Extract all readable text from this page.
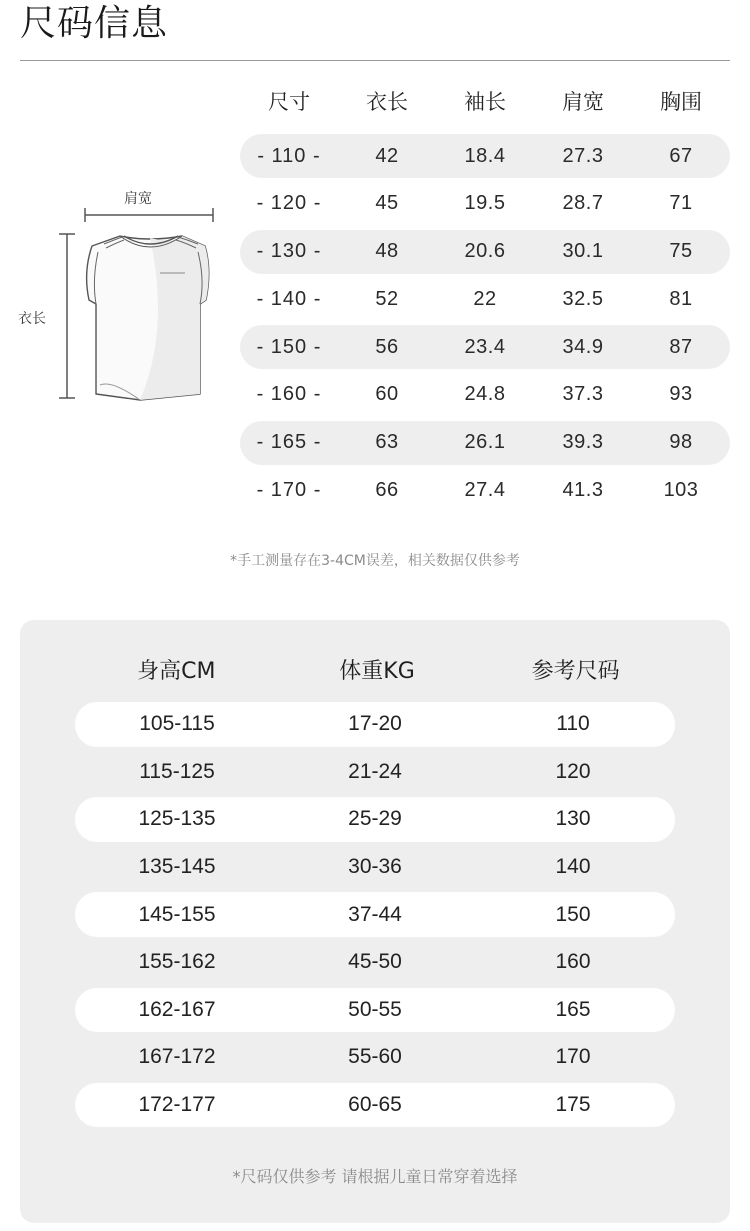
尺码信息
肩宽
衣长
尺寸	衣长	袖长	肩宽	胸围
- 110 -	42	18.4	27.3	67
- 120 -	45	19.5	28.7	71
- 130 -	48	20.6	30.1	75
- 140 -	52	22	32.5	81
- 150 -	56	23.4	34.9	87
- 160 -	60	24.8	37.3	93
- 165 -	63	26.1	39.3	98
- 170 -	66	27.4	41.3	103
*手工测量存在3-4CM误差，相关数据仅供参考
身高CM	体重KG	参考尺码
105-115	17-20	110
115-125	21-24	120
125-135	25-29	130
135-145	30-36	140
145-155	37-44	150
155-162	45-50	160
162-167	50-55	165
167-172	55-60	170
172-177	60-65	175
*尺码仅供参考 请根据儿童日常穿着选择
